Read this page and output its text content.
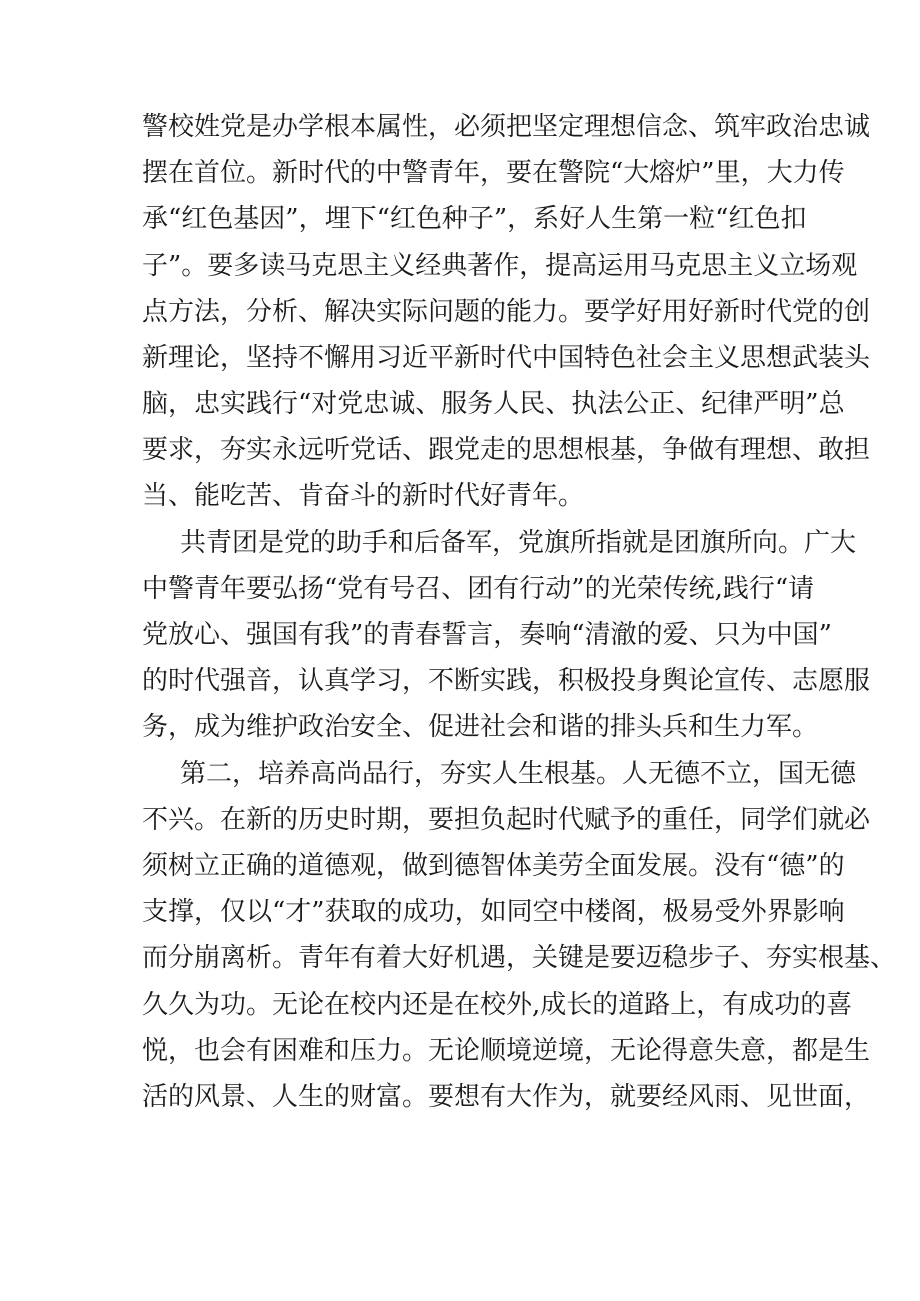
警校姓党是办学根本属性，必须把坚定理想信念、筑牢政治忠诚
摆在首位。新时代的中警青年，要在警院“大熔炉”里，大力传
承“红色基因”，埋下“红色种子”，系好人生第一粒“红色扣
子”。要多读马克思主义经典著作，提高运用马克思主义立场观
点方法，分析、解决实际问题的能力。要学好用好新时代党的创
新理论，坚持不懈用习近平新时代中国特色社会主义思想武装头
脑，忠实践行“对党忠诚、服务人民、执法公正、纪律严明”总
要求，夯实永远听党话、跟党走的思想根基，争做有理想、敢担
当、能吃苦、肯奋斗的新时代好青年。
共青团是党的助手和后备军，党旗所指就是团旗所向。广大
中警青年要弘扬“党有号召、团有行动”的光荣传统,践行“请
党放心、强国有我”的青春誓言，奏响“清澈的爱、只为中国”
的时代强音，认真学习，不断实践，积极投身舆论宣传、志愿服
务，成为维护政治安全、促进社会和谐的排头兵和生力军。
第二，培养高尚品行，夯实人生根基。人无德不立，国无德
不兴。在新的历史时期，要担负起时代赋予的重任，同学们就必
须树立正确的道德观，做到德智体美劳全面发展。没有“德”的
支撑，仅以“才”获取的成功，如同空中楼阁，极易受外界影响
而分崩离析。青年有着大好机遇，关键是要迈稳步子、夯实根基、
久久为功。无论在校内还是在校外,成长的道路上，有成功的喜
悦，也会有困难和压力。无论顺境逆境，无论得意失意，都是生
活的风景、人生的财富。要想有大作为，就要经风雨、见世面，
